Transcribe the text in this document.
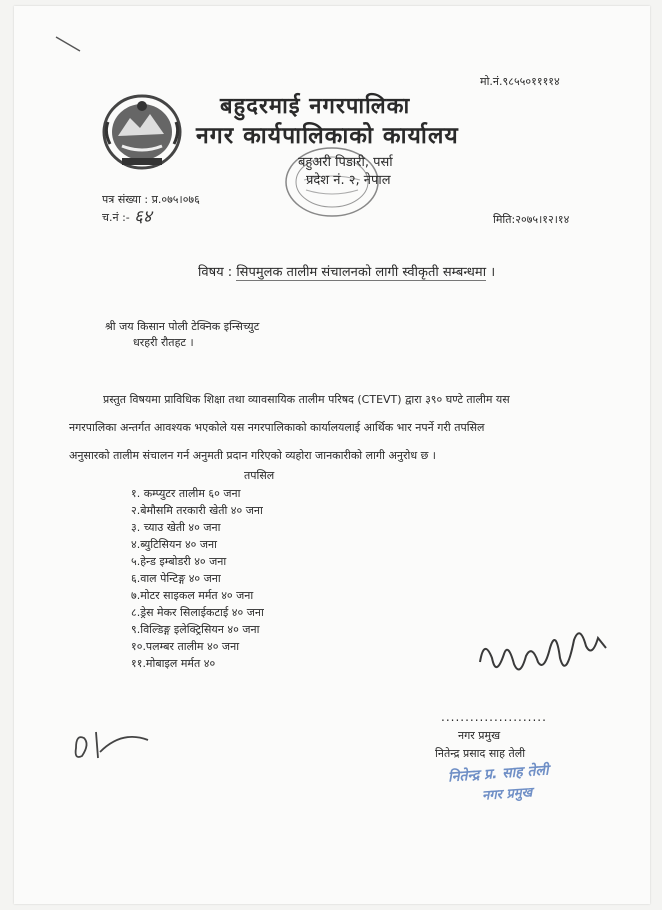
मो.नं.९८५५०११११४
बहुदरमाई नगरपालिका
नगर कार्यपालिकाको कार्यालय
बहुअरी पिडारी, पर्सा
प्रदेश नं. २, नेपाल
पत्र संख्या : प्र.०७५।०७६
च.नं :- ६४	मिति:२०७५।१२।१४
विषय : सिपमुलक तालीम संचालनको लागी स्वीकृती सम्बन्धमा ।
श्री जय किसान पोली टेक्निक इन्सिच्युट
धरहरी रौतहट ।
प्रस्तुत विषयमा प्राविधिक शिक्षा तथा व्यावसायिक तालीम परिषद (CTEVT) द्वारा ३९० घण्टे तालीम यस
नगरपालिका अन्तर्गत आवश्यक भएकोले यस नगरपालिकाको कार्यालयलाई आर्थिक भार नपर्ने गरी तपसिल
अनुसारको तालीम संचालन गर्न अनुमती प्रदान गरिएको व्यहोरा जानकारीको लागी अनुरोध छ ।
तपसिल
१. कम्प्युटर तालीम ६० जना
२.बेमौसमि तरकारी खेती ४० जना
३. च्याउ खेती ४० जना
४.ब्युटिसियन ४० जना
५.हेन्ड इम्बोडरी ४० जना
६.वाल पेन्टिङ्ग ४० जना
७.मोटर साइकल मर्मत ४० जना
८.ड्रेस मेकर सिलाईकटाई ४० जना
९.विल्डिङ्ग इलेक्ट्रिसियन ४० जना
१०.पलम्बर तालीम ४० जना
११.मोबाइल मर्मत ४०
......................
नगर प्रमुख
नितेन्द्र प्रसाद साह तेली
नितेन्द्र प्र. साह तेली
नगर प्रमुख
